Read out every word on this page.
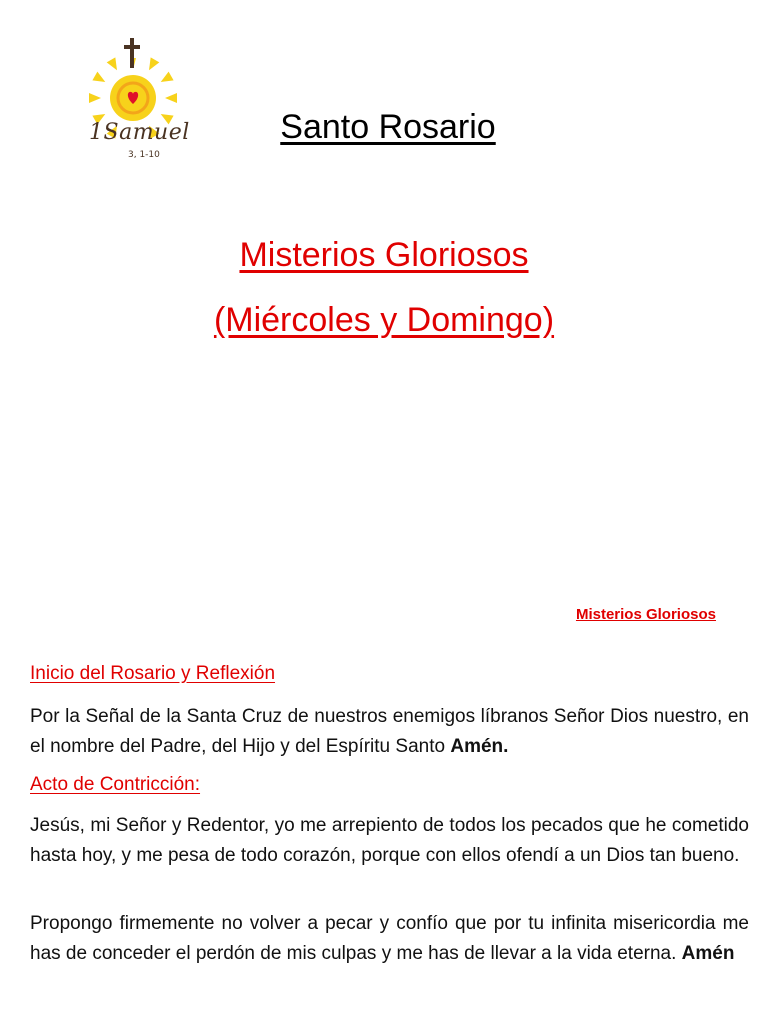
1Samuel
3, 1-10
Santo Rosario
Misterios Gloriosos
(Miércoles y Domingo)
Misterios Gloriosos
Inicio del Rosario y Reflexión
Por la Señal de la Santa Cruz de nuestros enemigos líbranos Señor Dios nuestro, en el nombre del Padre, del Hijo y del Espíritu Santo Amén.
Acto de Contricción:
Jesús, mi Señor y Redentor, yo me arrepiento de todos los pecados que he cometido hasta hoy, y me pesa de todo corazón, porque con ellos ofendí a un Dios tan bueno.
Propongo firmemente no volver a pecar y confío que por tu infinita misericordia me has de conceder el perdón de mis culpas y me has de llevar a la vida eterna. Amén
